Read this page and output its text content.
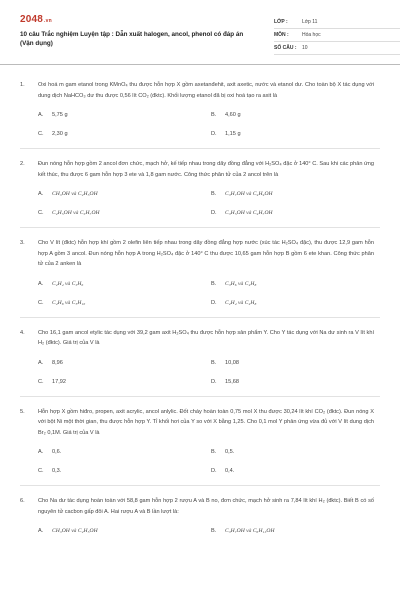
2048.vn
10 câu Trắc nghiệm Luyện tập : Dẫn xuất halogen, ancol, phenol có đáp án (Vận dụng)
LỚP :	Lớp 11
MÔN :	Hóa học
SỐ CÂU :	10
1.	Oxi hoá m gam etanol trong KMnO₄ thu được hỗn hợp X gồm axetanđehit, axit axetic, nước và etanol dư. Cho toàn bộ X tác dụng với dung dịch NaHCO₃ dư thu được 0,56 lít CO₂ (đktc). Khối lượng etanol đã bị oxi hoá tạo ra axit là
A.	5,75 g	B.	4,60 g
C.	2,30 g	D.	1,15 g
2.	Đun nóng hỗn hợp gồm 2 ancol đơn chức, mạch hở, kế tiếp nhau trong dãy đồng đẳng với H₂SO₄ đặc ở 140° C. Sau khi các phản ứng kết thúc, thu được 6 gam hỗn hợp 3 ete và 1,8 gam nước. Công thức phân tử của 2 ancol trên là
A.	CH₃OH và C₂H₅OH	B.	C₃H₇OH và C₄H₉OH
C.	C₂H₅OH và C₃H₇OH	D.	C₃H₅OH và C₄H₇OH
3.	Cho V lít (đktc) hỗn hợp khí gồm 2 olefin liên tiếp nhau trong dãy đồng đẳng hợp nước (xúc tác H₂SO₄ đặc), thu được 12,9 gam hỗn hợp A gồm 3 ancol. Đun nóng hỗn hợp A trong H₂SO₄ đặc ở 140° C thu được 10,65 gam hỗn hợp B gồm 6 ete khan. Công thức phân tử của 2 anken là
A.	C₂H₄ và C₃H₆	B.	C₃H₆ và C₄H₈
C.	C₄H₈ và C₅H₁₀	D.	C₂H₄ và C₄H₈
4.	Cho 16,1 gam ancol etylic tác dụng với 39,2 gam axit H₂SO₄ thu được hỗn hợp sản phẩm Y. Cho Y tác dụng với Na dư sinh ra V lít khí H₂ (đktc). Giá trị của V là
A.	8,96	B.	10,08
C.	17,92	D.	15,68
5.	Hỗn hợp X gồm hiđro, propen, axit acrylic, ancol anlylic. Đốt cháy hoàn toàn 0,75 mol X thu được 30,24 lít khí CO₂ (đktc). Đun nóng X với bột Ni một thời gian, thu được hỗn hợp Y. Tỉ khối hơi của Y so với X bằng 1,25. Cho 0,1 mol Y phản ứng vừa đủ với V lít dung dịch Br₂ 0,1M. Giá trị của V là
A.	0,6.	B.	0,5.
C.	0,3.	D.	0,4.
6.	Cho Na dư tác dụng hoàn toàn với 58,8 gam hỗn hợp 2 rượu A và B no, đơn chức, mạch hở sinh ra 7,84 lít khí H₂ (đktc). Biết B có số nguyên tử cacbon gấp đôi A. Hai rượu A và B lần lượt là:
A.	CH₃OH và C₂H₅OH	B.	C₃H₇OH và C₆H₁₃OH
